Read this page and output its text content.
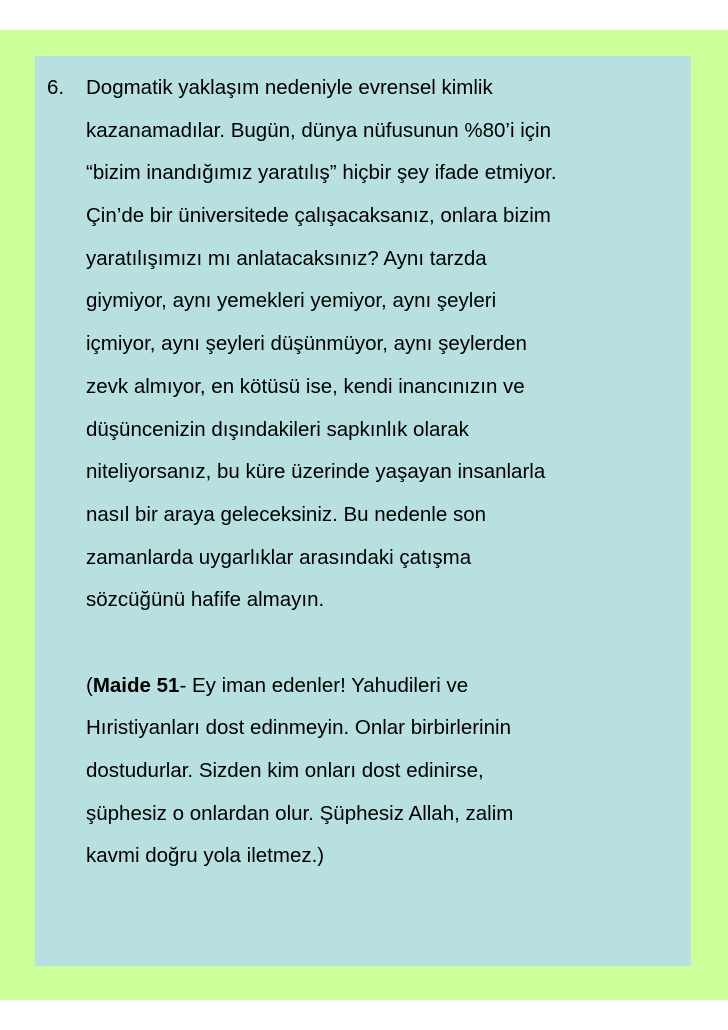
6. Dogmatik yaklaşım nedeniyle evrensel kimlik
kazanamadılar. Bugün, dünya nüfusunun %80’i için
“bizim inandığımız yaratılış” hiçbir şey ifade etmiyor.
Çin’de bir üniversitede çalışacaksanız, onlara bizim
yaratılışımızı mı anlatacaksınız? Aynı tarzda
giymiyor, aynı yemekleri yemiyor, aynı şeyleri
içmiyor, aynı şeyleri düşünmüyor, aynı şeylerden
zevk almıyor, en kötüsü ise, kendi inancınızın ve
düşüncenizin dışındakileri sapkınlık olarak
niteliyorsanız, bu küre üzerinde yaşayan insanlarla
nasıl bir araya geleceksiniz. Bu nedenle son
zamanlarda uygarlıklar arasındaki çatışma
sözcüğünü hafife almayın.
(Maide 51- Ey iman edenler! Yahudileri ve
Hıristiyanları dost edinmeyin. Onlar birbirlerinin
dostudurlar. Sizden kim onları dost edinirse,
şüphesiz o onlardan olur. Şüphesiz Allah, zalim
kavmi doğru yola iletmez.)
